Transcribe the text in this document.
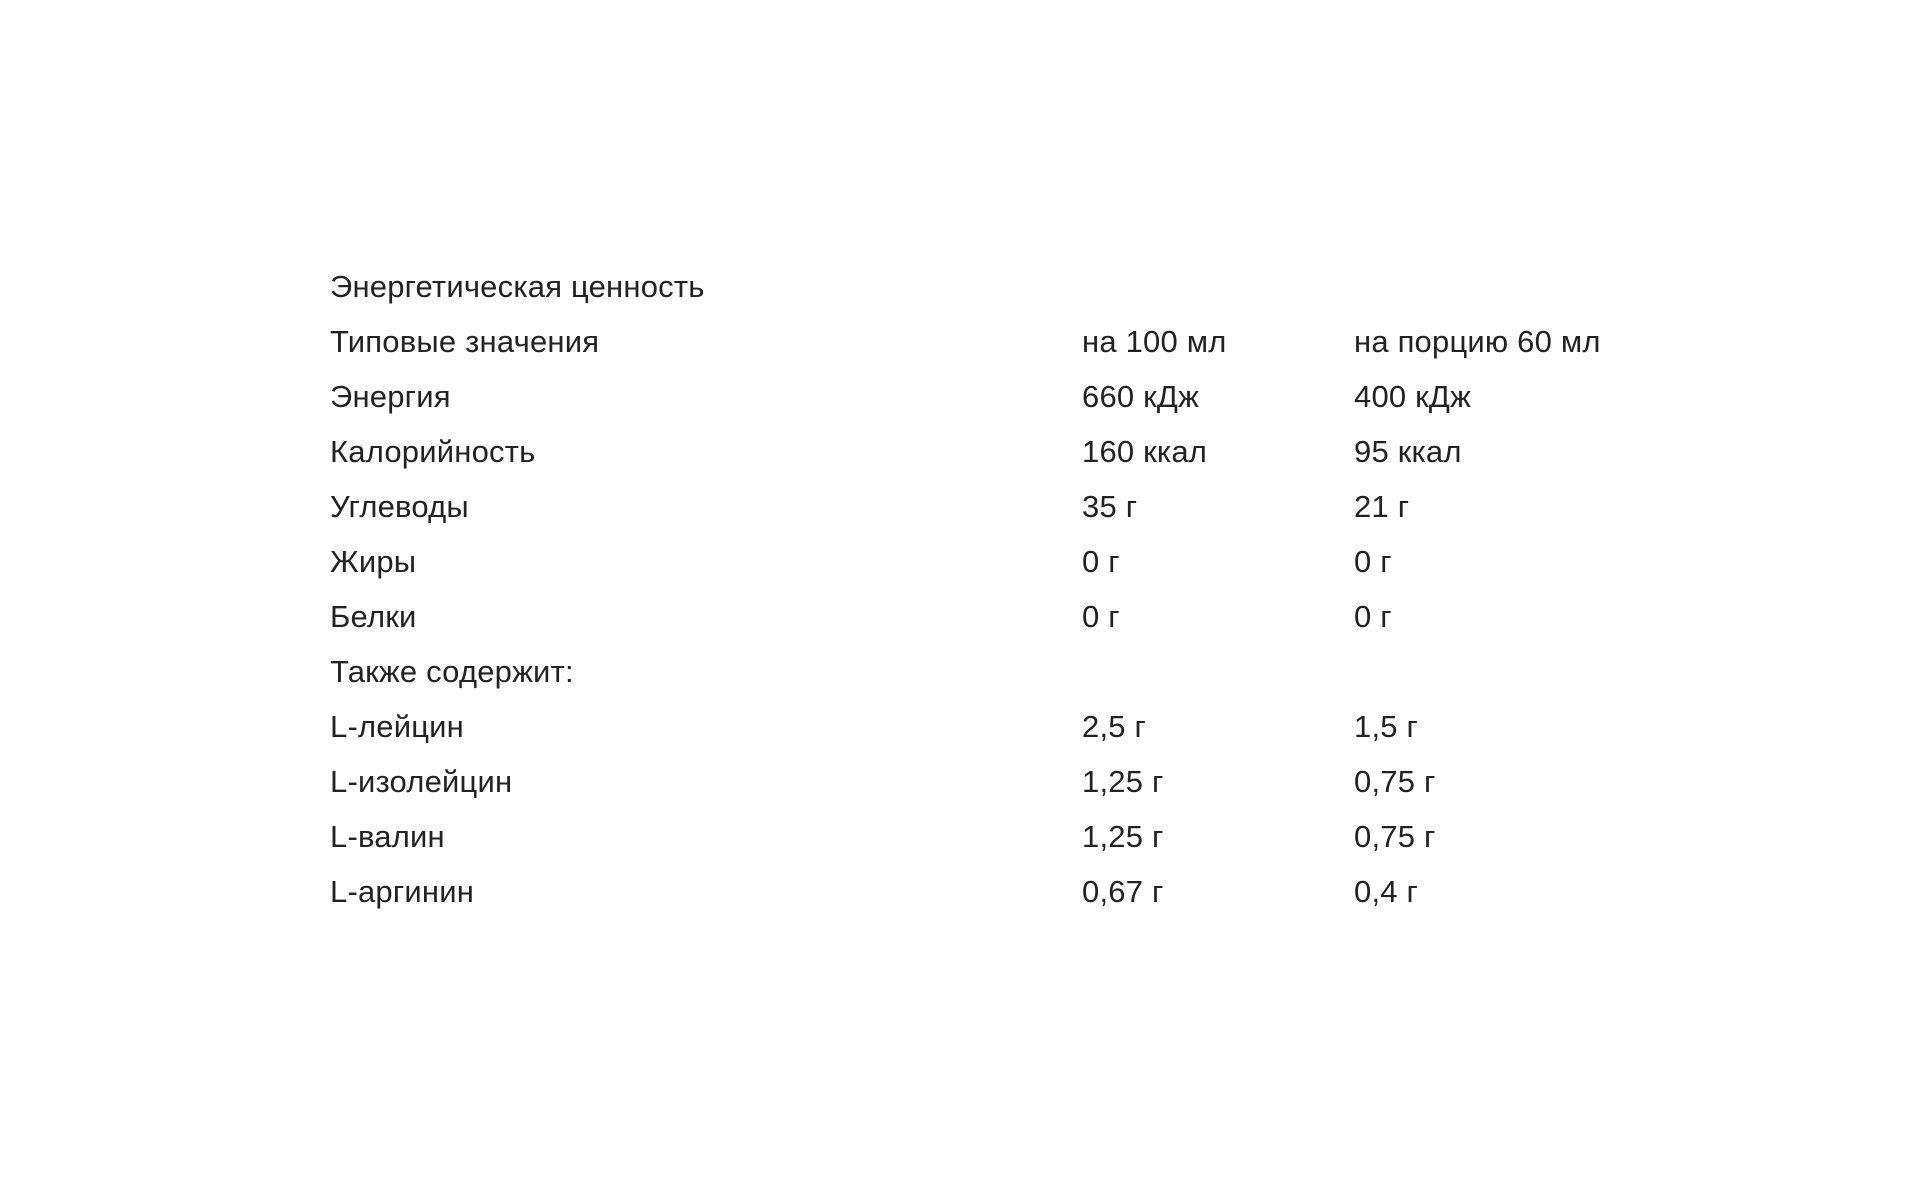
Энергетическая ценность		
Типовые значения	на 100 мл	на порцию 60 мл
Энергия	660 кДж	400 кДж
Калорийность	160 ккал	95 ккал
Углеводы	35 г	21 г
Жиры	0 г	0 г
Белки	0 г	0 г
Также содержит:		
L-лейцин	2,5 г	1,5 г
L-изолейцин	1,25 г	0,75 г
L-валин	1,25 г	0,75 г
L-аргинин	0,67 г	0,4 г
